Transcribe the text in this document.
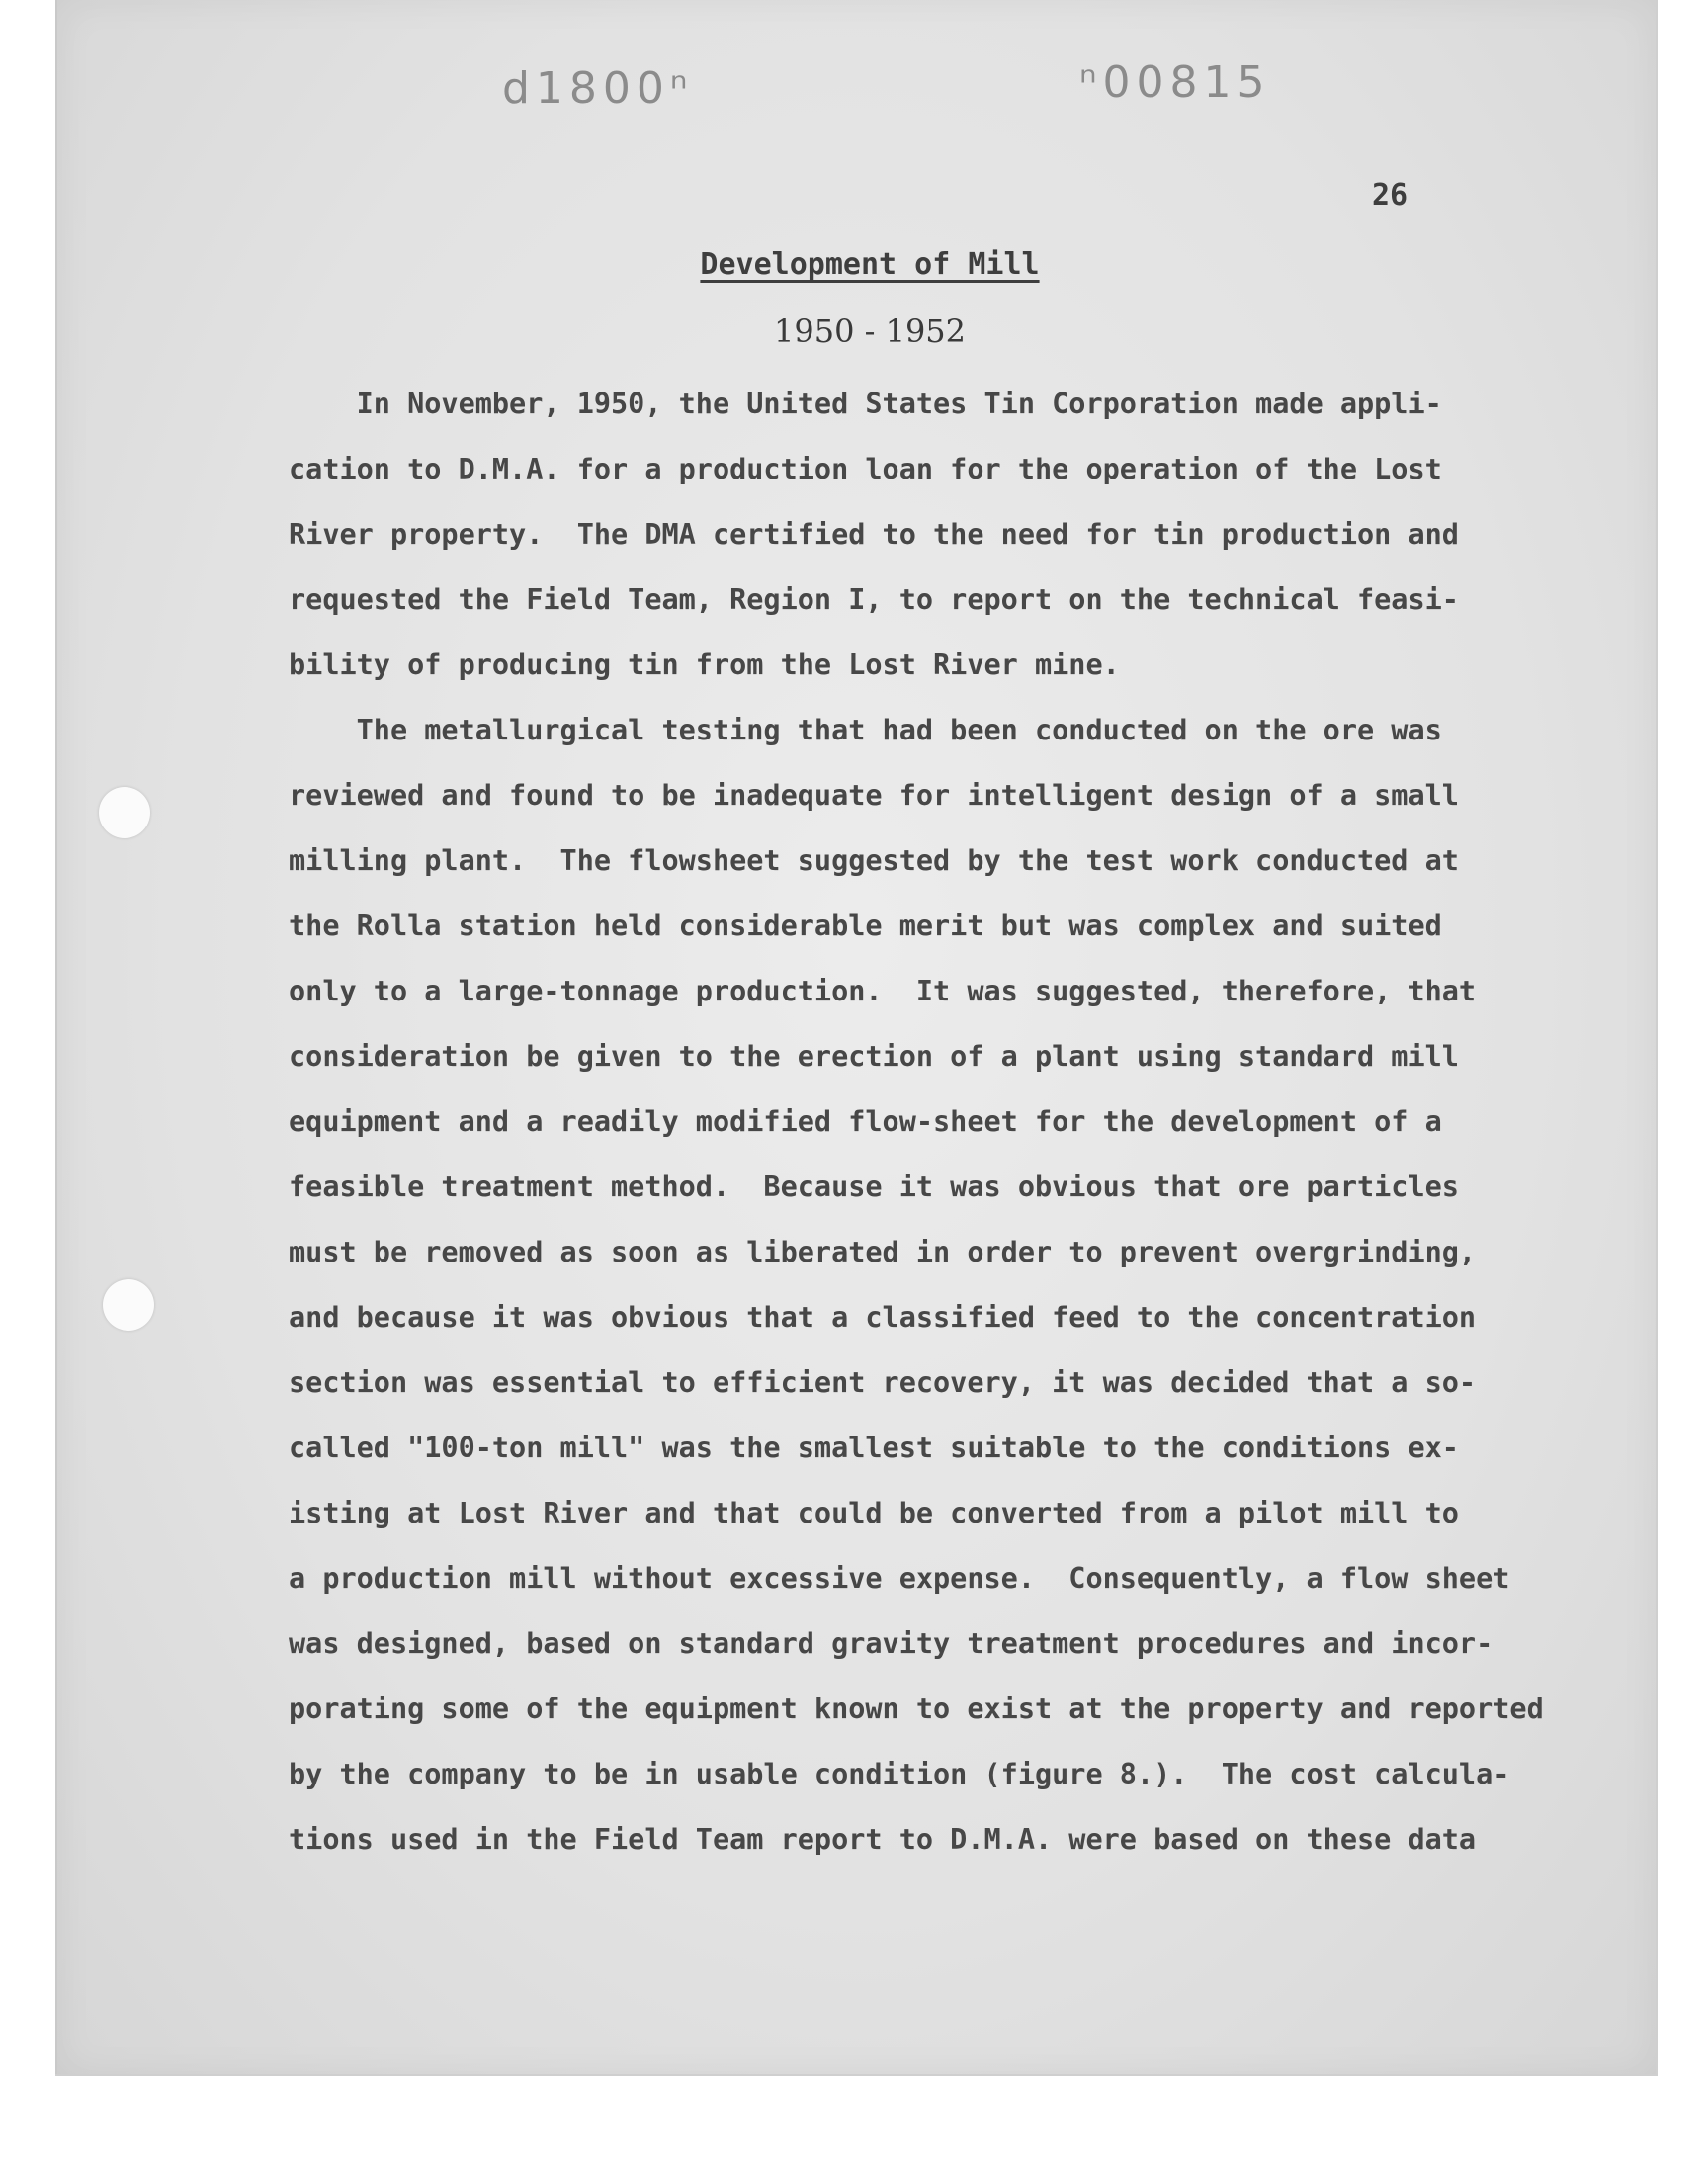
d1800ⁿ	ⁿ00815
26
Development of Mill
1950 - 1952
In November, 1950, the United States Tin Corporation made appli-
cation to D.M.A. for a production loan for the operation of the Lost
River property.  The DMA certified to the need for tin production and
requested the Field Team, Region I, to report on the technical feasi-
bility of producing tin from the Lost River mine.
The metallurgical testing that had been conducted on the ore was
reviewed and found to be inadequate for intelligent design of a small
milling plant.  The flowsheet suggested by the test work conducted at
the Rolla station held considerable merit but was complex and suited
only to a large-tonnage production.  It was suggested, therefore, that
consideration be given to the erection of a plant using standard mill
equipment and a readily modified flow-sheet for the development of a
feasible treatment method.  Because it was obvious that ore particles
must be removed as soon as liberated in order to prevent overgrinding,
and because it was obvious that a classified feed to the concentration
section was essential to efficient recovery, it was decided that a so-
called "100-ton mill" was the smallest suitable to the conditions ex-
isting at Lost River and that could be converted from a pilot mill to
a production mill without excessive expense.  Consequently, a flow sheet
was designed, based on standard gravity treatment procedures and incor-
porating some of the equipment known to exist at the property and reported
by the company to be in usable condition (figure 8.).  The cost calcula-
tions used in the Field Team report to D.M.A. were based on these data
